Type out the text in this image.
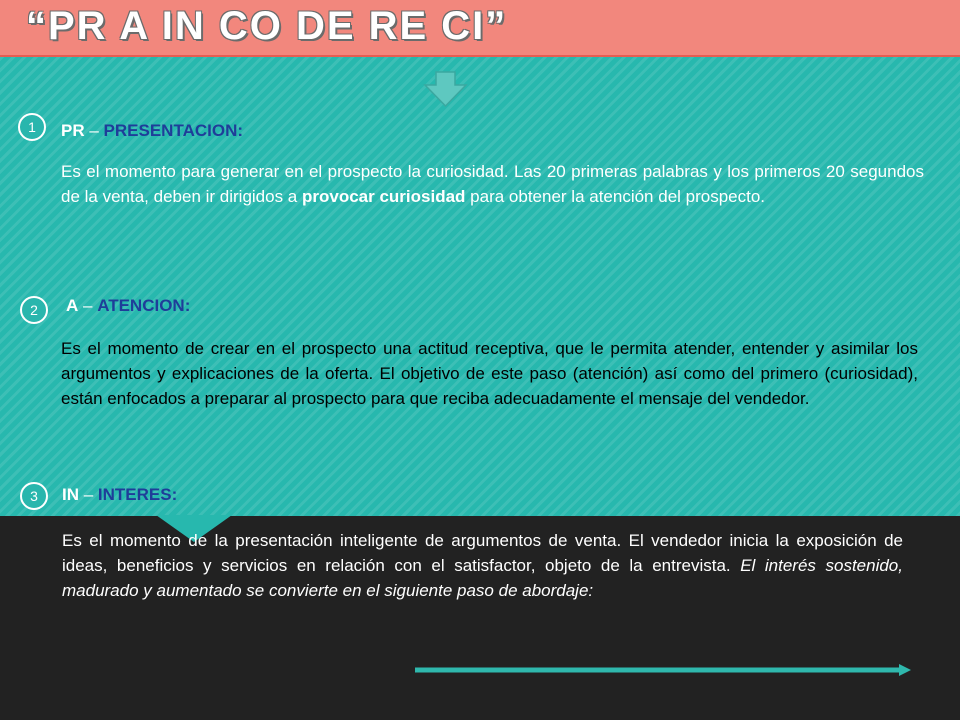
“PR A IN CO DE RE CI”
1	PR – PRESENTACION:
Es el momento para generar en el prospecto la curiosidad. Las 20 primeras palabras y los primeros 20 segundos de la venta, deben ir dirigidos a provocar curiosidad para obtener la atención del prospecto.
2	A – ATENCION:
Es el momento de crear en el prospecto una actitud receptiva, que le permita atender, entender y asimilar los argumentos y explicaciones de la oferta. El objetivo de este paso (atención) así como del primero (curiosidad), están enfocados a preparar al prospecto para que reciba adecuadamente el mensaje del vendedor.
3	IN – INTERES:
Es el momento de la presentación inteligente de argumentos de venta. El vendedor inicia la exposición de ideas, beneficios y servicios en relación con el satisfactor, objeto de la entrevista. El interés sostenido, madurado y aumentado se convierte en el siguiente paso de abordaje:
